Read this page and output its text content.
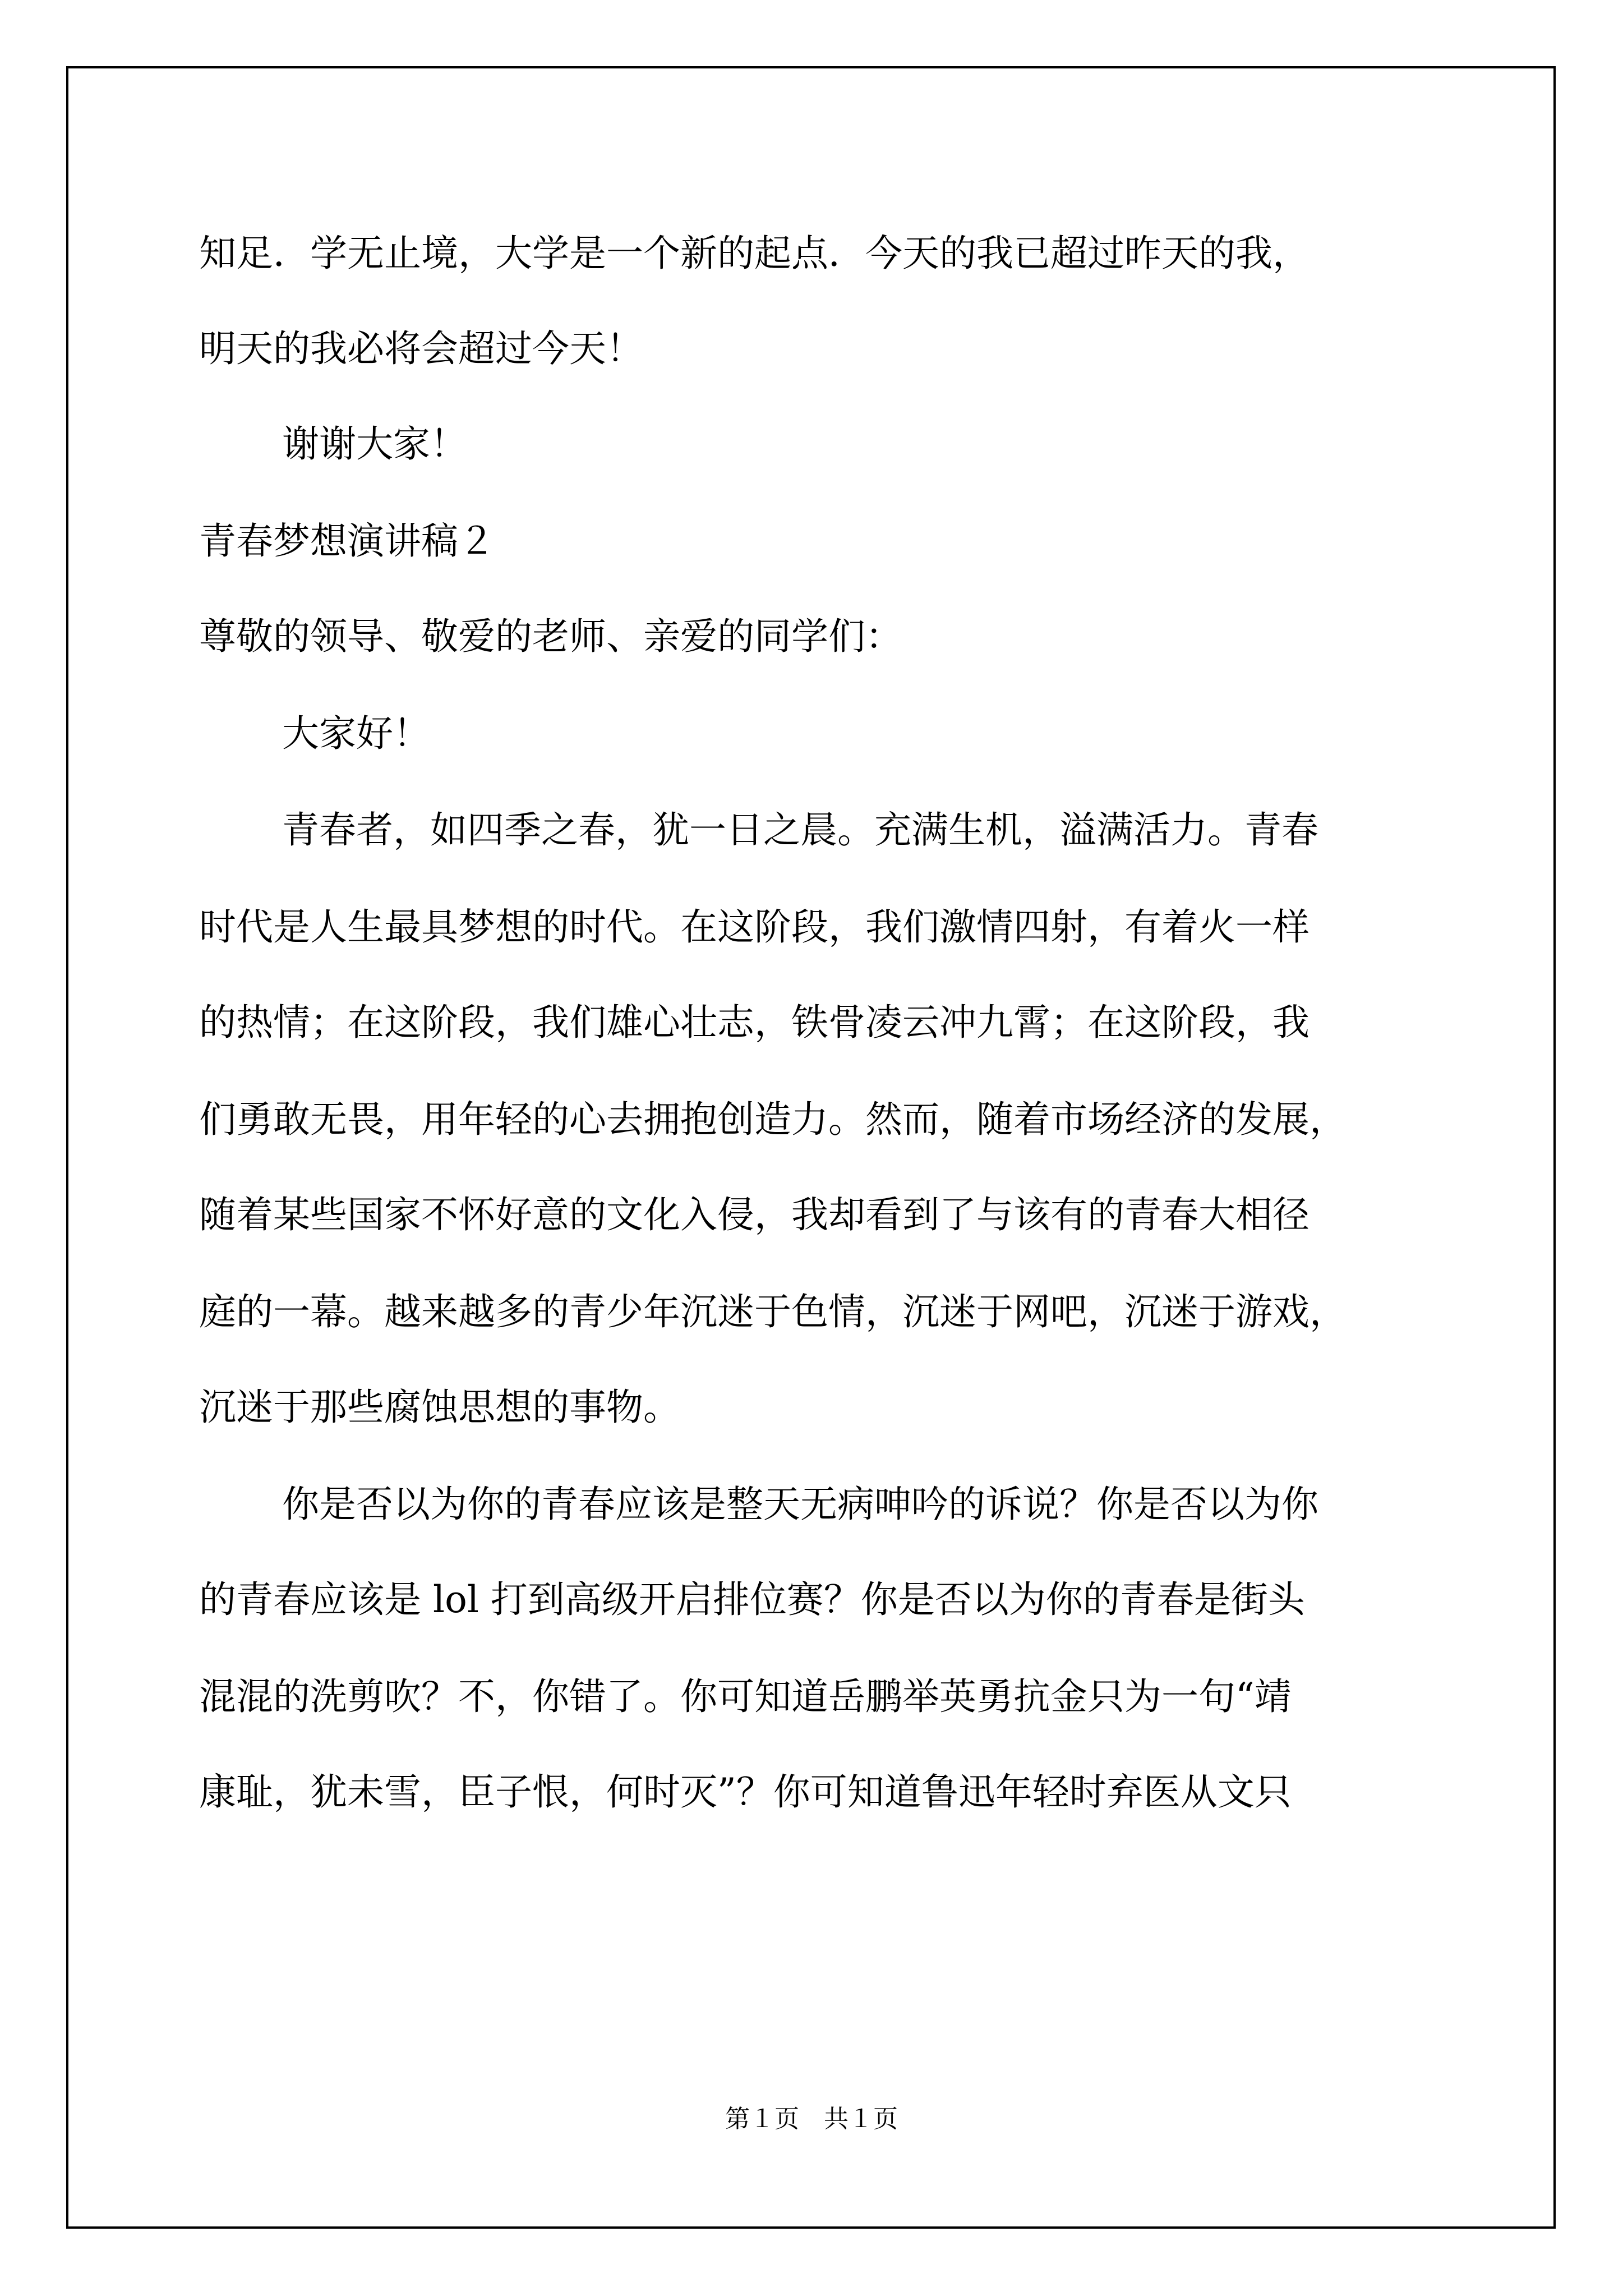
知足．学无止境，大学是一个新的起点．今天的我已超过昨天的我，
明天的我必将会超过今天！
谢谢大家！
青春梦想演讲稿２
尊敬的领导、敬爱的老师、亲爱的同学们：
大家好！
青春者，如四季之春，犹一日之晨。充满生机，溢满活力。青春
时代是人生最具梦想的时代。在这阶段，我们激情四射，有着火一样
的热情；在这阶段，我们雄心壮志，铁骨凌云冲九霄；在这阶段，我
们勇敢无畏，用年轻的心去拥抱创造力。然而，随着市场经济的发展，
随着某些国家不怀好意的文化入侵，我却看到了与该有的青春大相径
庭的一幕。越来越多的青少年沉迷于色情，沉迷于网吧，沉迷于游戏，
沉迷于那些腐蚀思想的事物。
你是否以为你的青春应该是整天无病呻吟的诉说？你是否以为你
的青春应该是 lol 打到高级开启排位赛？你是否以为你的青春是街头
混混的洗剪吹？不，你错了。你可知道岳鹏举英勇抗金只为一句“靖
康耻，犹未雪，臣子恨，何时灭”？你可知道鲁迅年轻时弃医从文只
第１页　共１页
